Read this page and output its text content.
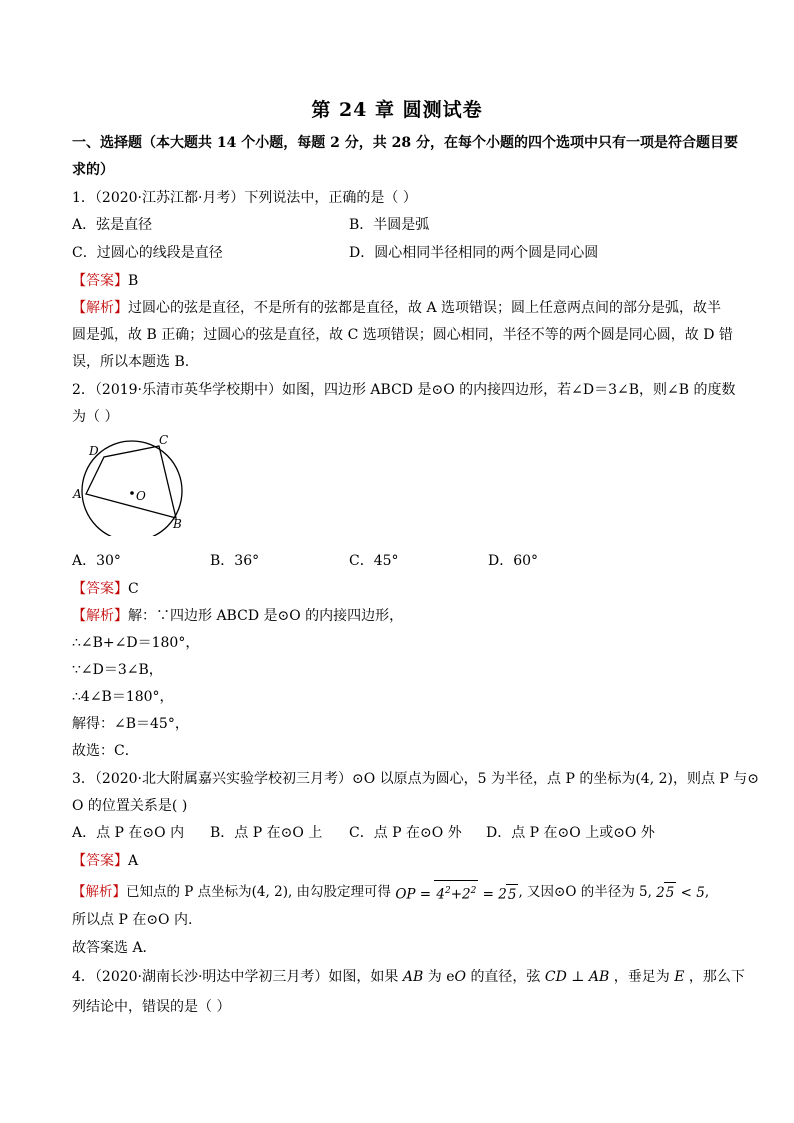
第 24 章 圆测试卷
一、选择题（本大题共 14 个小题，每题 2 分，共 28 分，在每个小题的四个选项中只有一项是符合题目要
求的）
1．（2020·江苏江都·月考）下列说法中，正确的是（ ）
A．弦是直径	B．半圆是弧
C．过圆心的线段是直径	D．圆心相同半径相同的两个圆是同心圆
【答案】B
【解析】过圆心的弦是直径，不是所有的弦都是直径，故 A 选项错误；圆上任意两点间的部分是弧，故半
圆是弧，故 B 正确；过圆心的弦是直径，故 C 选项错误；圆心相同，半径不等的两个圆是同心圆，故 D 错
误，所以本题选 B.
2．（2019·乐清市英华学校期中）如图，四边形 ABCD 是⊙O 的内接四边形，若∠D＝3∠B，则∠B 的度数
为（ ）
O
A
B
C
D
A．30°	B．36°	C．45°	D．60°
【答案】C
【解析】解：∵四边形 ABCD 是⊙O 的内接四边形，
∴∠B+∠D＝180°，
∵∠D＝3∠B，
∴4∠B＝180°，
解得：∠B＝45°，
故选：C．
3．（2020·北大附属嘉兴实验学校初三月考）⊙O 以原点为圆心，5 为半径，点 P 的坐标为(4, 2)，则点 P 与⊙
O 的位置关系是( )
A．点 P 在⊙O 内 B．点 P 在⊙O 上 C．点 P 在⊙O 外 D．点 P 在⊙O 上或⊙O 外
【答案】A
【解析】已知点的 P 点坐标为(4, 2), 由勾股定理可得 OP = $4^2+2^2 = 25$ , 又因⊙O 的半径为 5, 25 < 5,
所以点 P 在⊙O 内.
故答案选 A．
4．（2020·湖南长沙·明达中学初三月考）如图，如果 AB 为 eO 的直径，弦 CD ⊥ AB ，垂足为 E ，那么下
列结论中，错误的是（ ）
